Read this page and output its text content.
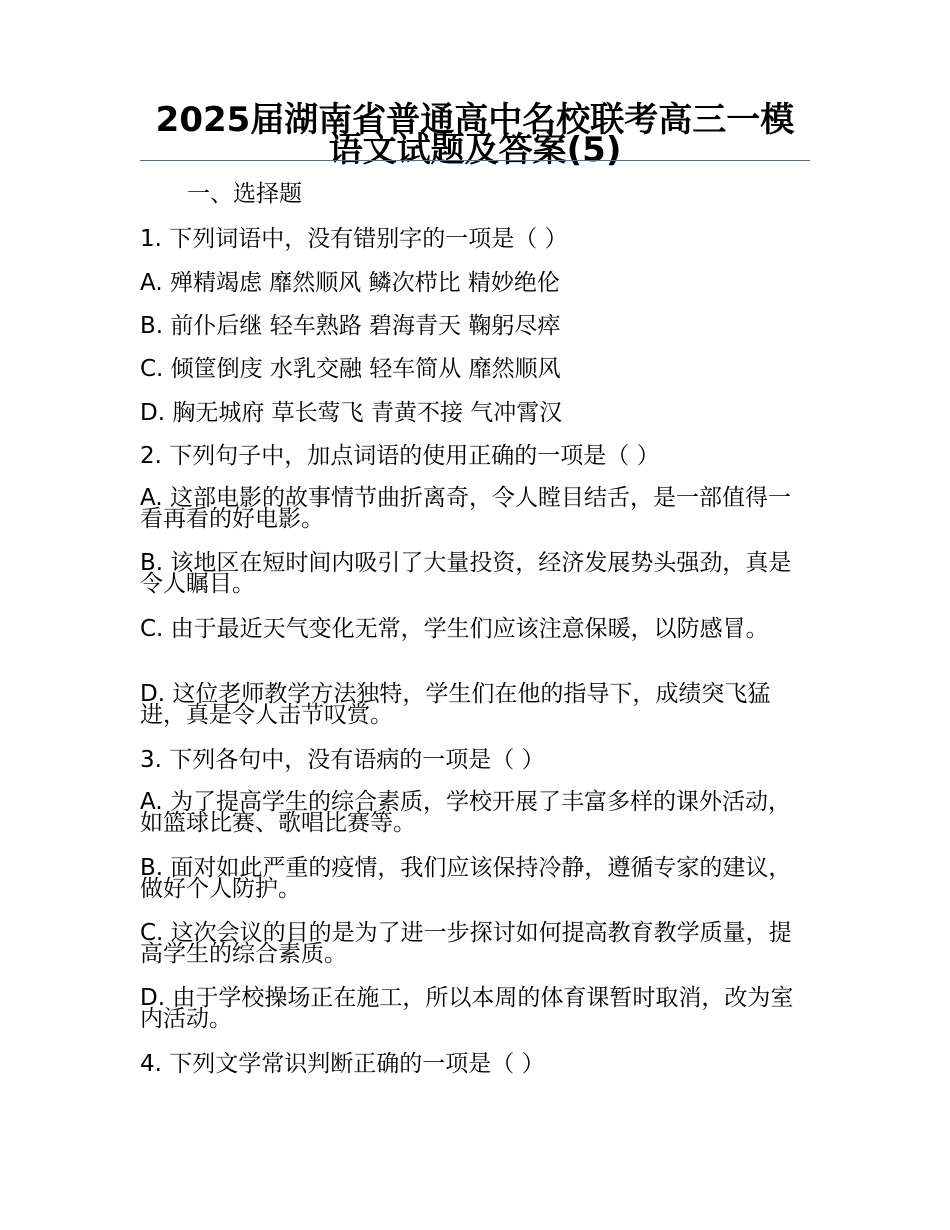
2025届湖南省普通高中名校联考高三一模语文试题及答案(5)

一、选择题

1. 下列词语中，没有错别字的一项是（ ）

A. 殚精竭虑 靡然顺风 鳞次栉比 精妙绝伦

B. 前仆后继 轻车熟路 碧海青天 鞠躬尽瘁

C. 倾筐倒庋 水乳交融 轻车简从 靡然顺风

D. 胸无城府 草长莺飞 青黄不接 气冲霄汉

2. 下列句子中，加点词语的使用正确的一项是（ ）

A. 这部电影的故事情节曲折离奇，令人瞠目结舌，是一部值得一看再看的好电影。

B. 该地区在短时间内吸引了大量投资，经济发展势头强劲，真是令人瞩目。

C. 由于最近天气变化无常，学生们应该注意保暖，以防感冒。

D. 这位老师教学方法独特，学生们在他的指导下，成绩突飞猛进，真是令人击节叹赏。

3. 下列各句中，没有语病的一项是（ ）

A. 为了提高学生的综合素质，学校开展了丰富多样的课外活动，如篮球比赛、歌唱比赛等。

B. 面对如此严重的疫情，我们应该保持冷静，遵循专家的建议，做好个人防护。

C. 这次会议的目的是为了进一步探讨如何提高教育教学质量，提高学生的综合素质。

D. 由于学校操场正在施工，所以本周的体育课暂时取消，改为室内活动。

4. 下列文学常识判断正确的一项是（ ）
